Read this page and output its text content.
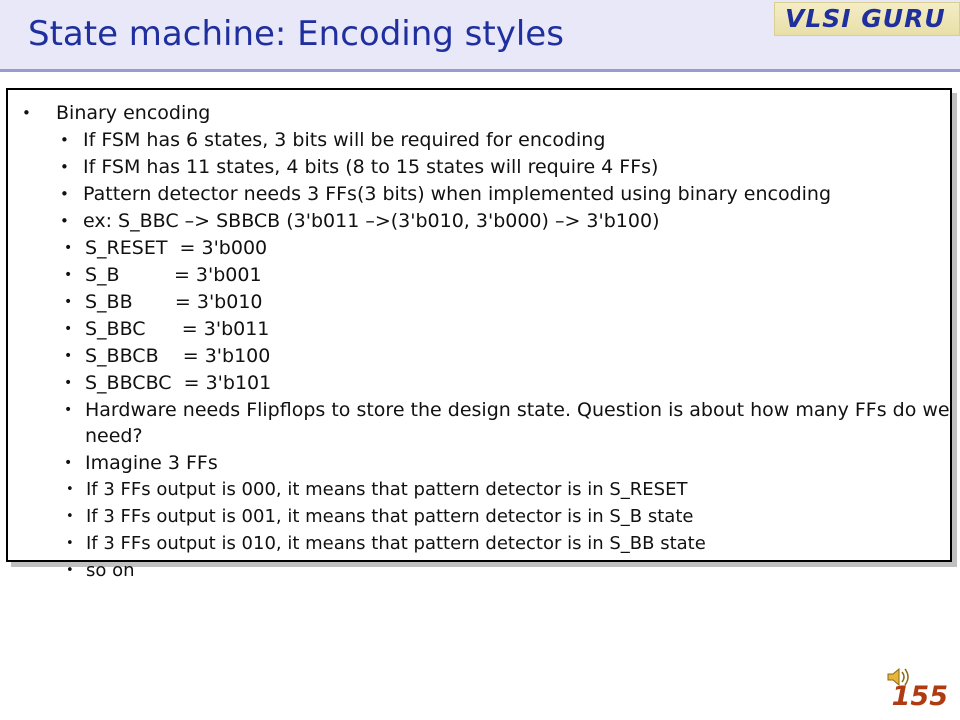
State machine: Encoding styles	VLSI GURU
• Binary encoding
• If FSM has 6 states, 3 bits will be required for encoding
• If FSM has 11 states, 4 bits (8 to 15 states will require 4 FFs)
• Pattern detector needs 3 FFs(3 bits) when implemented using binary encoding
• ex: S_BBC –> SBBCB (3'b011 –>(3'b010, 3'b000) –> 3'b100)
• S_RESET  = 3'b000
• S_B         = 3'b001
• S_BB       = 3'b010
• S_BBC      = 3'b011
• S_BBCB    = 3'b100
• S_BBCBC  = 3'b101
• Hardware needs Flipflops to store the design state. Question is about how many FFs do we need?
• Imagine 3 FFs
• If 3 FFs output is 000, it means that pattern detector is in S_RESET
• If 3 FFs output is 001, it means that pattern detector is in S_B state
• If 3 FFs output is 010, it means that pattern detector is in S_BB state
• so on
155
